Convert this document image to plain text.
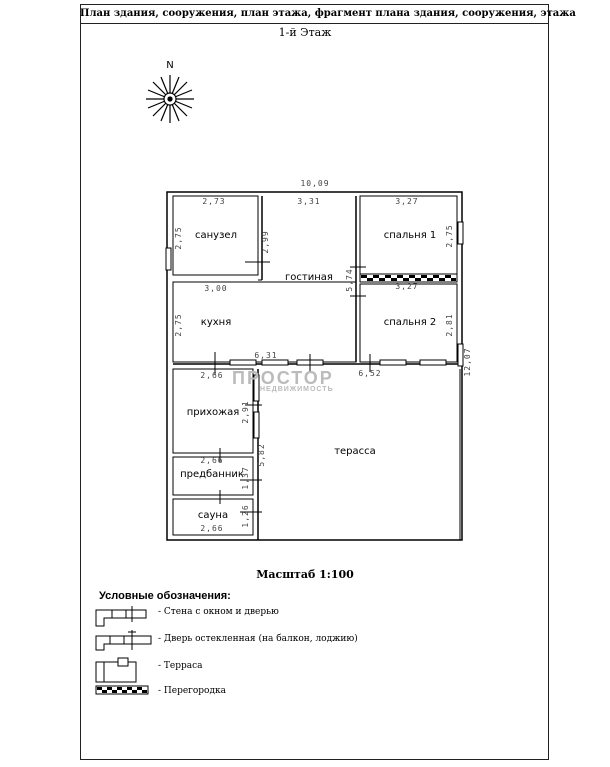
План здания, сооружения, план этажа, фрагмент плана здания, сооружения, этажа
1-й Этаж
N
санузел
гостиная
спальня 1
кухня	спальня 2
прихожая
терасса
предбанник
сауна
10,09
2,73	3,31	3,27
3,00	3,27
6,31
2,66	6,52
2,66
2,66
2,75	2,99	2,75
2,75
5,74
2,81
12,07
2,91
5,82
1,37
1,26
ПРОСТОР
НЕДВИЖИМОСТЬ
Масштаб 1:100
Условные обозначения:
- Стена с окном и дверью
- Дверь остекленная (на балкон, лоджию)
- Терраса
- Перегородка
